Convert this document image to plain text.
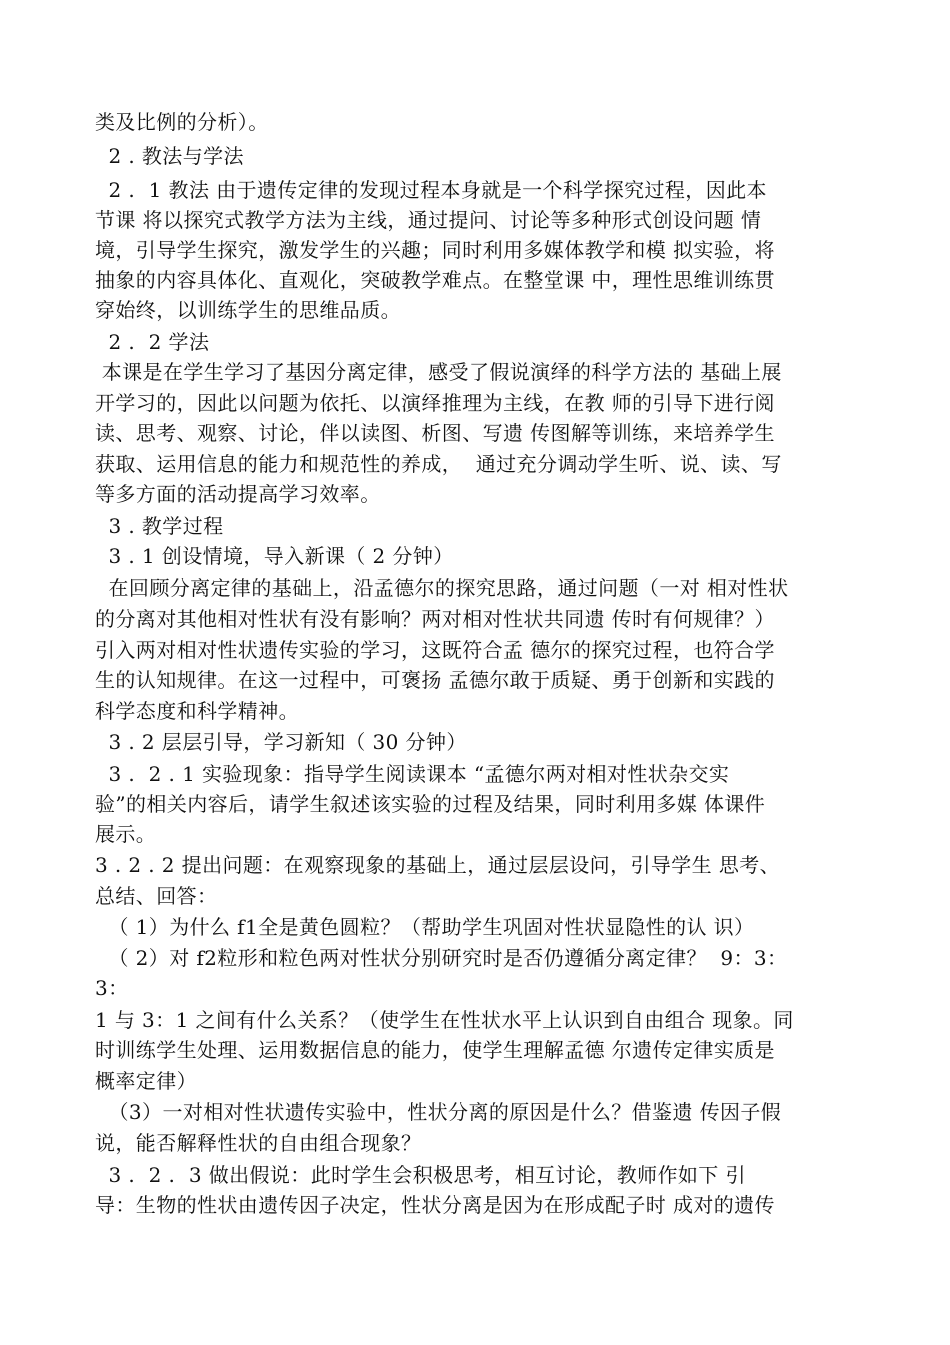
类及比例的分析）。
2 . 教法与学法
2 .  1 教法 由于遗传定律的发现过程本身就是一个科学探究过程，因此本
节课 将以探究式教学方法为主线，通过提问、讨论等多种形式创设问题 情
境，引导学生探究，激发学生的兴趣；同时利用多媒体教学和模 拟实验，将
抽象的内容具体化、直观化，突破教学难点。在整堂课 中，理性思维训练贯
穿始终，以训练学生的思维品质。
2 .  2 学法
本课是在学生学习了基因分离定律，感受了假说演绎的科学方法的 基础上展
开学习的，因此以问题为依托、以演绎推理为主线，在教 师的引导下进行阅
读、思考、观察、讨论，伴以读图、析图、写遗 传图解等训练，来培养学生
获取、运用信息的能力和规范性的养成，  通过充分调动学生听、说、读、写
等多方面的活动提高学习效率。
3 . 教学过程
3 . 1 创设情境，导入新课（ 2 分钟）
在回顾分离定律的基础上，沿孟德尔的探究思路，通过问题（一对 相对性状
的分离对其他相对性状有没有影响？两对相对性状共同遗 传时有何规律？）
引入两对相对性状遗传实验的学习，这既符合孟 德尔的探究过程，也符合学
生的认知规律。在这一过程中，可褒扬 孟德尔敢于质疑、勇于创新和实践的
科学态度和科学精神。
3 . 2 层层引导，学习新知（ 30 分钟）
3 .  2 . 1 实验现象：指导学生阅读课本 “孟德尔两对相对性状杂交实
验”的相关内容后，请学生叙述该实验的过程及结果，同时利用多媒 体课件
展示。
3 . 2 . 2 提出问题：在观察现象的基础上，通过层层设问，引导学生 思考、
总结、回答：
（ 1）为什么 f1全是黄色圆粒？（帮助学生巩固对性状显隐性的认 识）
（ 2）对 f2粒形和粒色两对性状分别研究时是否仍遵循分离定律？  9：3：
3：
1 与 3：1 之间有什么关系？（使学生在性状水平上认识到自由组合 现象。同
时训练学生处理、运用数据信息的能力，使学生理解孟德 尔遗传定律实质是
概率定律）
（3）一对相对性状遗传实验中，性状分离的原因是什么？借鉴遗 传因子假
说，能否解释性状的自由组合现象？
3 .  2 .  3 做出假说：此时学生会积极思考，相互讨论，教师作如下 引
导：生物的性状由遗传因子决定，性状分离是因为在形成配子时 成对的遗传
